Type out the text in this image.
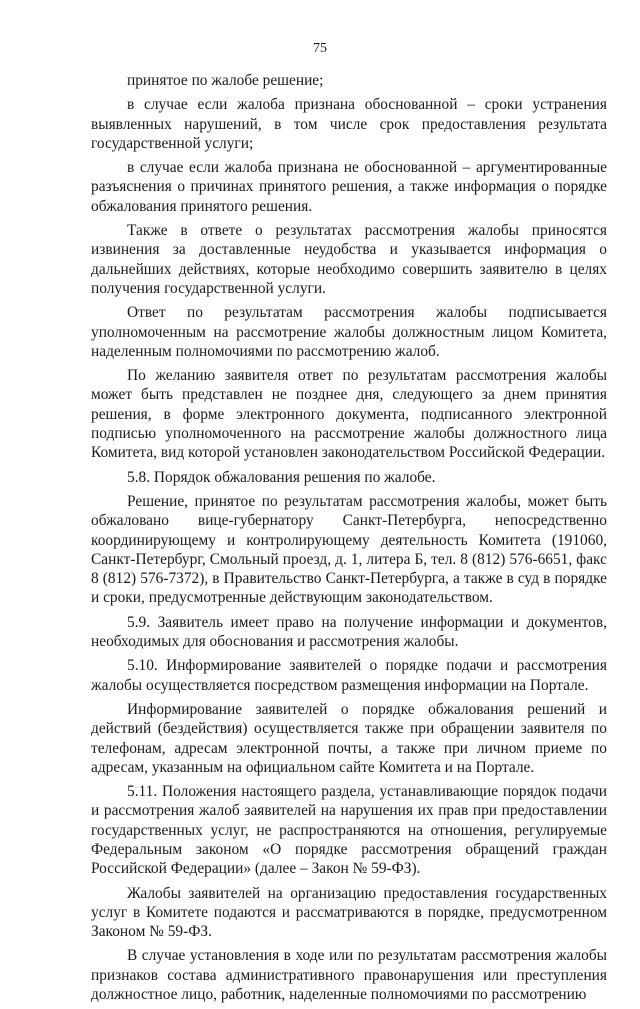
75

принятое по жалобе решение;

в случае если жалоба признана обоснованной – сроки устранения выявленных нарушений, в том числе срок предоставления результата государственной услуги;

в случае если жалоба признана не обоснованной – аргументированные разъяснения о причинах принятого решения, а также информация о порядке обжалования принятого решения.

Также в ответе о результатах рассмотрения жалобы приносятся извинения за доставленные неудобства и указывается информация о дальнейших действиях, которые необходимо совершить заявителю в целях получения государственной услуги.

Ответ по результатам рассмотрения жалобы подписывается уполномоченным на рассмотрение жалобы должностным лицом Комитета, наделенным полномочиями по рассмотрению жалоб.

По желанию заявителя ответ по результатам рассмотрения жалобы может быть представлен не позднее дня, следующего за днем принятия решения, в форме электронного документа, подписанного электронной подписью уполномоченного на рассмотрение жалобы должностного лица Комитета, вид которой установлен законодательством Российской Федерации.

5.8. Порядок обжалования решения по жалобе.

Решение, принятое по результатам рассмотрения жалобы, может быть обжаловано вице-губернатору Санкт-Петербурга, непосредственно координирующему и контролирующему деятельность Комитета (191060, Санкт-Петербург, Смольный проезд, д. 1, литера Б, тел. 8 (812) 576-6651, факс 8 (812) 576-7372), в Правительство Санкт-Петербурга, а также в суд в порядке и сроки, предусмотренные действующим законодательством.

5.9. Заявитель имеет право на получение информации и документов, необходимых для обоснования и рассмотрения жалобы.

5.10. Информирование заявителей о порядке подачи и рассмотрения жалобы осуществляется посредством размещения информации на Портале.

Информирование заявителей о порядке обжалования решений и действий (бездействия) осуществляется также при обращении заявителя по телефонам, адресам электронной почты, а также при личном приеме по адресам, указанным на официальном сайте Комитета и на Портале.

5.11. Положения настоящего раздела, устанавливающие порядок подачи и рассмотрения жалоб заявителей на нарушения их прав при предоставлении государственных услуг, не распространяются на отношения, регулируемые Федеральным законом «О порядке рассмотрения обращений граждан Российской Федерации» (далее – Закон № 59-ФЗ).

Жалобы заявителей на организацию предоставления государственных услуг в Комитете подаются и рассматриваются в порядке, предусмотренном Законом № 59-ФЗ.

В случае установления в ходе или по результатам рассмотрения жалобы признаков состава административного правонарушения или преступления должностное лицо, работник, наделенные полномочиями по рассмотрению
